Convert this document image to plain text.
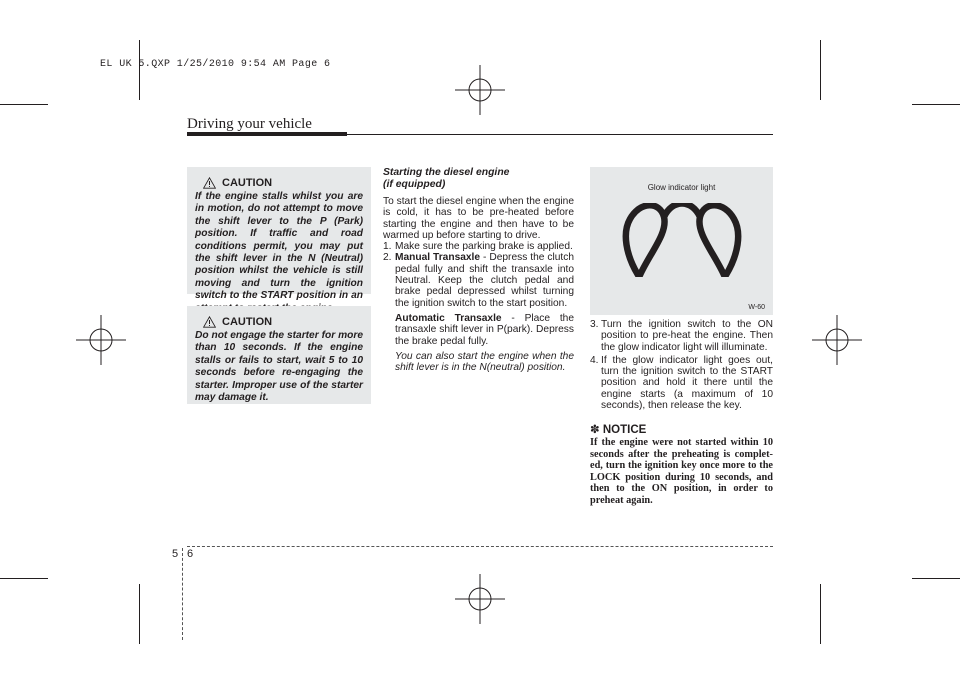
EL UK 5.QXP 1/25/2010 9:54 AM Page 6
Driving your vehicle
CAUTION
If the engine stalls whilst you are in motion, do not attempt to move the shift lever to the P (Park) position. If traffic and road conditions permit, you may put the shift lever in the N (Neutral) position whilst the vehicle is still moving and turn the ignition switch to the START position in an
CAUTION
Do not engage the starter for more than 10 seconds. If the engine stalls or fails to start, wait 5 to 10 seconds before re-engaging the starter. Improper use of the starter may damage it.
Starting the diesel engine
(if equipped)

To start the diesel engine when the engine is cold, it has to be pre-heated before starting the engine and then have to be warmed up before starting to drive.

1. Make sure the parking brake is applied.
2. Manual Transaxle - Depress the clutch pedal fully and shift the transaxle into Neutral. Keep the clutch pedal and brake pedal depressed whilst turning the ignition switch to the start position.

Automatic Transaxle - Place the transaxle shift lever in P(park). Depress the brake pedal fully.

You can also start the engine when the shift lever is in the N(neutral) position.

Glow indicator light
W-60
3. Turn the ignition switch to the ON position to pre-heat the engine. Then the glow indicator light will illuminate.
4. If the glow indicator light goes out, turn the ignition switch to the START position and hold it there until the engine starts (a maximum of 10 seconds), then release the key.
✽ NOTICE
If the engine were not started within 10 seconds after the preheating is complet-ed, turn the ignition key once more to the LOCK position during 10 seconds, and then to the ON position, in order to preheat again.
5 6
